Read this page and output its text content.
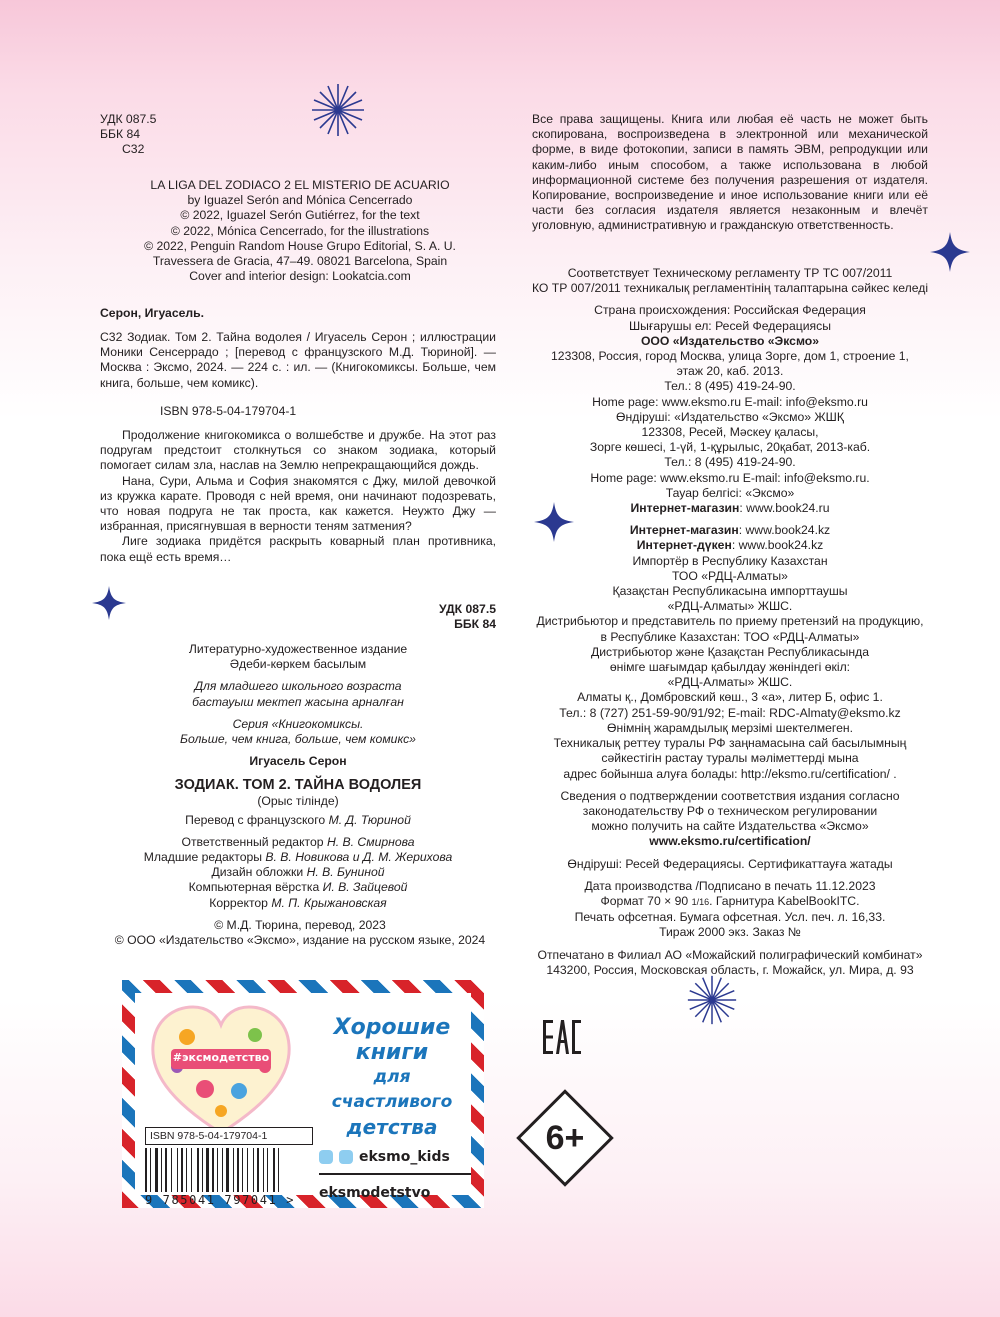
УДК 087.5
ББК 84
С32
LA LIGA DEL ZODIACO 2 EL MISTERIO DE ACUARIO
by Iguazel Serón and Mónica Cencerrado
© 2022, Iguazel Serón Gutiérrez, for the text
© 2022, Mónica Cencerrado, for the illustrations
© 2022, Penguin Random House Grupo Editorial, S. A. U.
Travessera de Gracia, 47–49. 08021 Barcelona, Spain
Cover and interior design: Lookatcia.com
Серон, Игуасель.
С32 Зодиак. Том 2. Тайна водолея / Игуасель Серон ; иллюстрации Моники Сенсеррадо ; [перевод с французского М.Д. Тюриной]. — Москва : Эксмо, 2024. — 224 с. : ил. — (Книгокомиксы. Больше, чем книга, больше, чем комикс).
ISBN 978-5-04-179704-1

Продолжение книгокомикса о волшебстве и дружбе. На этот раз подругам предстоит столкнуться со знаком зодиака, который помогает силам зла, наслав на Землю непрекращающийся дождь.

Нана, Сури, Альма и София знакомятся с Джу, милой девочкой из кружка карате. Проводя с ней время, они начинают подозревать, что новая подруга не так проста, как кажется. Неужто Джу — избранная, присягнувшая в верности теням затмения?

Лиге зодиака придётся раскрыть коварный план противника, пока ещё есть время…

УДК 087.5
ББК 84
Литературно-художественное издание
Әдеби-көркем басылым
Для младшего школьного возраста
бастауыш мектеп жасына арналған
Серия «Книгокомиксы.
Больше, чем книга, больше, чем комикс»
Игуасель Серон
ЗОДИАК. ТОМ 2. ТАЙНА ВОДОЛЕЯ
(Орыс тілінде)
Перевод с французского М. Д. Тюриной
Ответственный редактор Н. В. Смирнова
Младшие редакторы В. В. Новикова и Д. М. Жерихова
Дизайн обложки Н. В. Буниной
Компьютерная вёрстка И. В. Зайцевой
Корректор М. П. Крыжановская
© М.Д. Тюрина, перевод, 2023
© ООО «Издательство «Эксмо», издание на русском языке, 2024
Все права защищены. Книга или любая её часть не может быть скопирована, воспроизведена в электронной или механической форме, в виде фотокопии, записи в память ЭВМ, репродукции или каким-либо иным способом, а также использована в любой информационной системе без получения разрешения от издателя. Копирование, воспроизведение и иное использование книги или её части без согласия издателя является незаконным и влечёт уголовную, административную и гражданскую ответственность.
Соответствует Техническому регламенту ТР ТС 007/2011
КО ТР 007/2011 техникалық регламентінің талаптарына сәйкес келеді
Страна происхождения: Российская Федерация
Шығарушы ел: Ресей Федерациясы
ООО «Издательство «Эксмо»
123308, Россия, город Москва, улица Зорге, дом 1, строение 1,
этаж 20, каб. 2013.
Тел.: 8 (495) 419-24-90.
Home page: www.eksmo.ru E-mail: info@eksmo.ru
Өндіруші: «Издательство «Эксмо» ЖШҚ
123308, Ресей, Мәскеу қаласы,
Зорге көшесі, 1-үй, 1-құрылыс, 20қабат, 2013-каб.
Тел.: 8 (495) 419-24-90.
Home page: www.eksmo.ru E-mail: info@eksmo.ru.
Тауар белгісі: «Эксмо»
Интернет-магазин: www.book24.ru
Интернет-магазин: www.book24.kz
Интернет-дүкен: www.book24.kz
Импортёр в Республику Казахстан
ТОО «РДЦ-Алматы»
Қазақстан Республикасына импорттаушы
«РДЦ-Алматы» ЖШС.
Дистрибьютор и представитель по приему претензий на продукцию,
в Республике Казахстан: ТОО «РДЦ-Алматы»
Дистрибьютор және Қазақстан Республикасында
өнімге шағымдар қабылдау жөніндегі өкіл:
«РДЦ-Алматы» ЖШС.
Алматы қ., Домбровский көш., 3 «а», литер Б, офис 1.
Тел.: 8 (727) 251-59-90/91/92; E-mail: RDC-Almaty@eksmo.kz
Өнімнің жарамдылық мерзімі шектелмеген.
Техникалық реттеу туралы РФ заңнамасына сай басылымның
сәйкестігін растау туралы мәліметтерді мына
адрес бойынша алуға болады: http://eksmo.ru/certification/ .
Сведения о подтверждении соответствия издания согласно
законодательству РФ о техническом регулировании
можно получить на сайте Издательства «Эксмо»
www.eksmo.ru/certification/
Өндіруші: Ресей Федерациясы. Сертификаттауға жатады
Дата производства /Подписано в печать 11.12.2023
Формат 70 × 90 1/16. Гарнитура KabelBookITC.
Печать офсетная. Бумага офсетная. Усл. печ. л. 16,33.
Тираж 2000 экз. Заказ №
Отпечатано в Филиал АО «Можайский полиграфический комбинат»
143200, Россия, Московская область, г. Можайск, ул. Мира, д. 93
#эксмодетство
Хорошие
книги
для счастливого
детства
ISBN 978-5-04-179704-1
9 785041 797041 >
eksmo_kids
eksmodetstvo
6+
